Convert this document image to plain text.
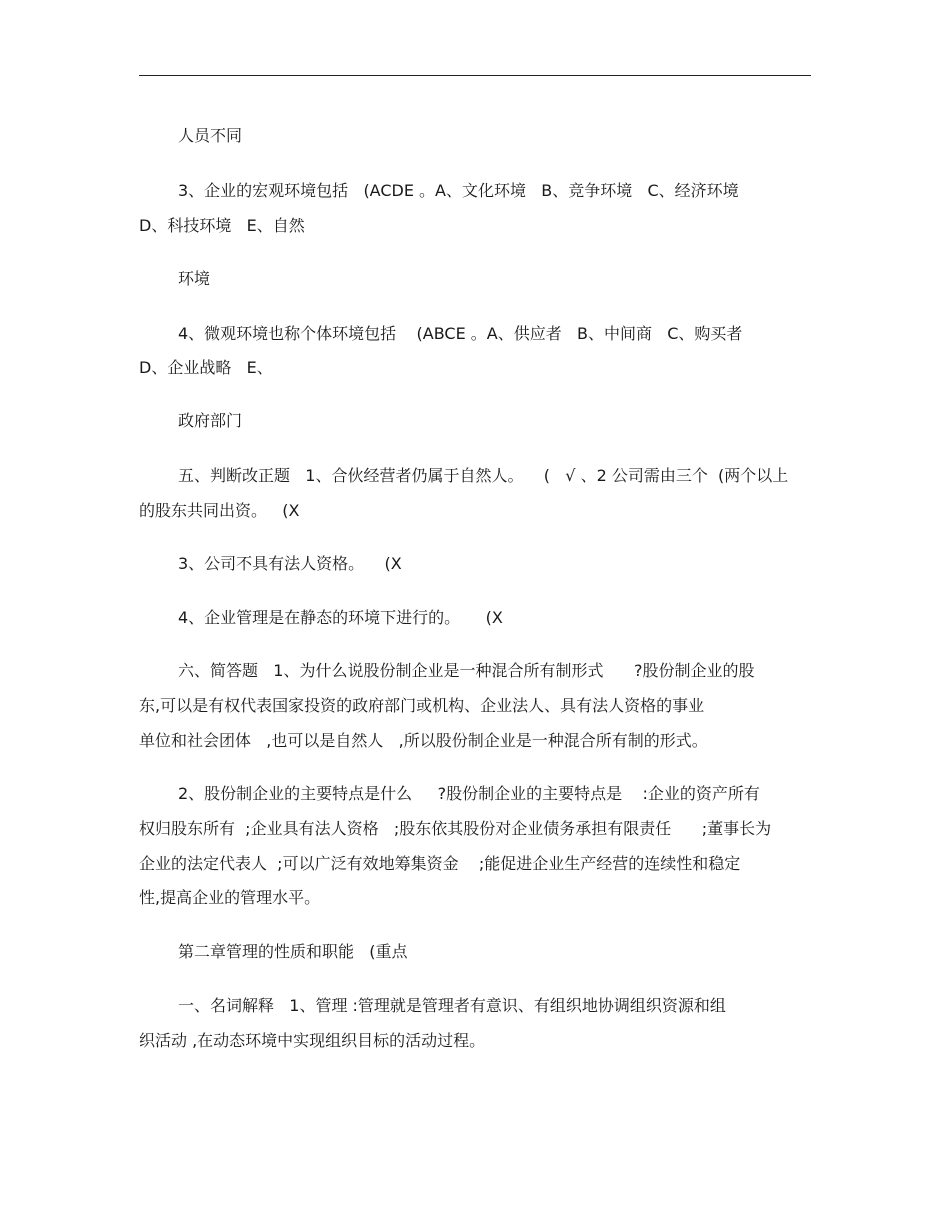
人员不同
3、企业的宏观环境包括   (ACDE 。A、文化环境   B、竞争环境   C、经济环境
D、科技环境   E、自然
环境
4、微观环境也称个体环境包括    (ABCE 。A、供应者   B、中间商   C、购买者
D、企业战略   E、
政府部门
五、判断改正题   1、合伙经营者仍属于自然人。    (   √ 、2 公司需由三个  (两个以上
的股东共同出资。   (X
3、公司不具有法人资格。    (X
4、企业管理是在静态的环境下进行的。     (X
六、简答题   1、为什么说股份制企业是一种混合所有制形式      ?股份制企业的股
东,可以是有权代表国家投资的政府部门或机构、企业法人、具有法人资格的事业
单位和社会团体   ,也可以是自然人   ,所以股份制企业是一种混合所有制的形式。
2、股份制企业的主要特点是什么     ?股份制企业的主要特点是    :企业的资产所有
权归股东所有  ;企业具有法人资格   ;股东依其股份对企业债务承担有限责任      ;董事长为
企业的法定代表人  ;可以广泛有效地筹集资金    ;能促进企业生产经营的连续性和稳定
性,提高企业的管理水平。
第二章管理的性质和职能   (重点
一、名词解释   1、管理 :管理就是管理者有意识、有组织地协调组织资源和组
织活动 ,在动态环境中实现组织目标的活动过程。
